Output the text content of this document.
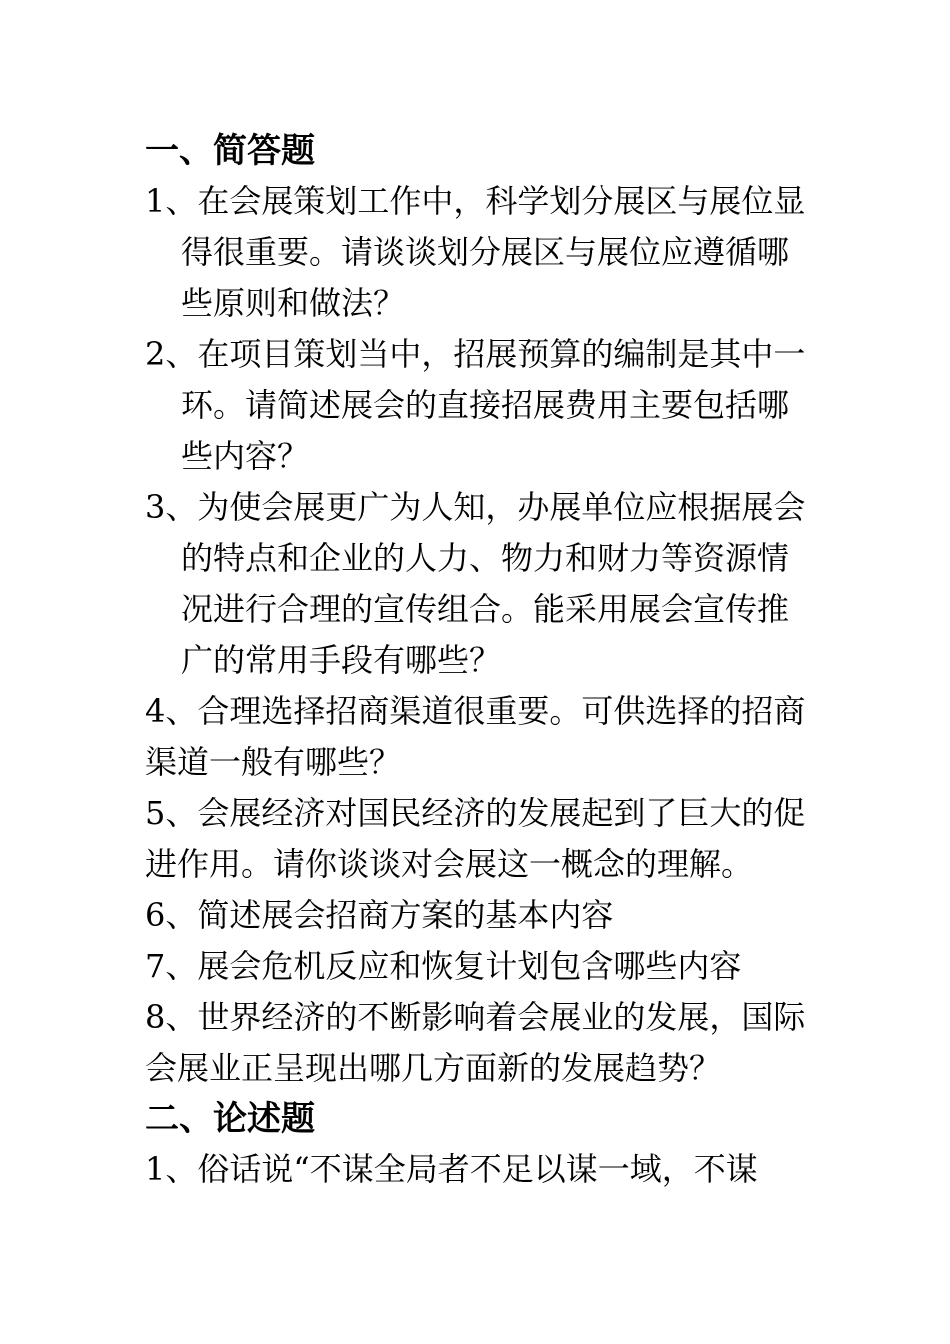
一、简答题

1、在会展策划工作中，科学划分展区与展位显得很重要。请谈谈划分展区与展位应遵循哪些原则和做法？

2、在项目策划当中，招展预算的编制是其中一环。请简述展会的直接招展费用主要包括哪些内容？

3、为使会展更广为人知，办展单位应根据展会的特点和企业的人力、物力和财力等资源情况进行合理的宣传组合。能采用展会宣传推广的常用手段有哪些？

4、合理选择招商渠道很重要。可供选择的招商渠道一般有哪些？

5、会展经济对国民经济的发展起到了巨大的促进作用。请你谈谈对会展这一概念的理解。

6、简述展会招商方案的基本内容

7、展会危机反应和恢复计划包含哪些内容

8、世界经济的不断影响着会展业的发展，国际会展业正呈现出哪几方面新的发展趋势？

二、论述题

1、俗话说“不谋全局者不足以谋一域，不谋
